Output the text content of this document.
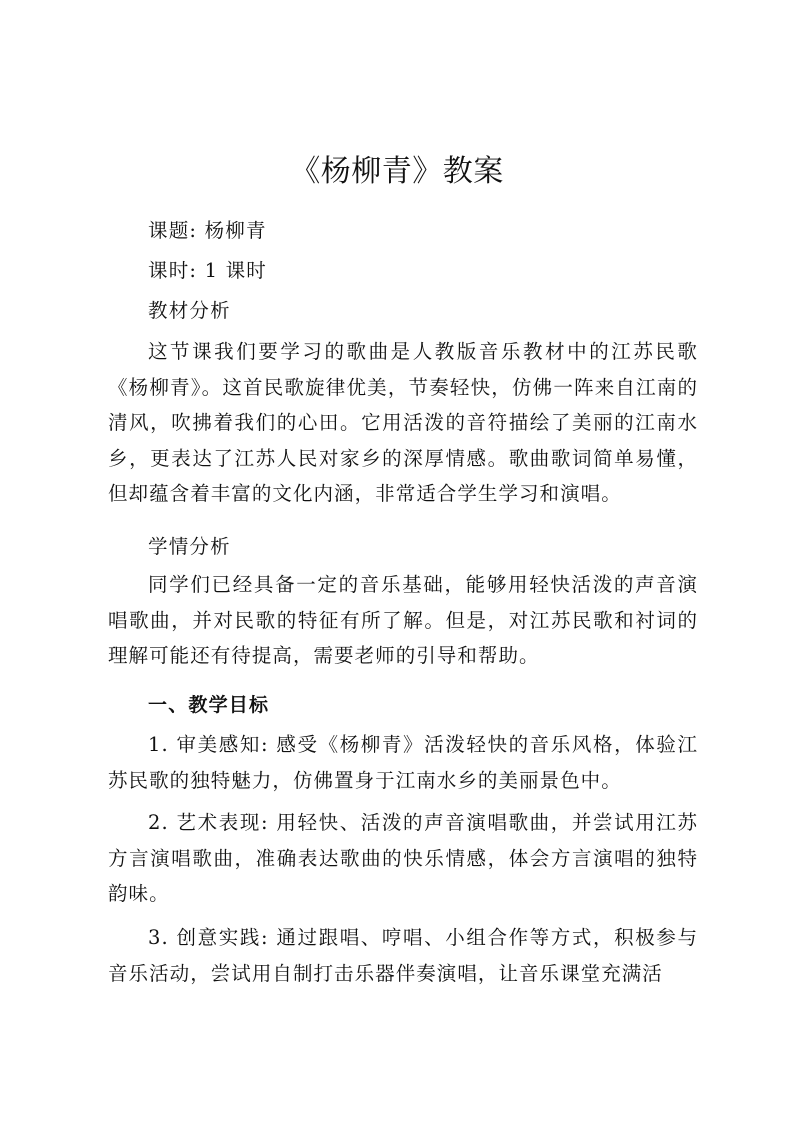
《杨柳青》教案
课题: 杨柳青
课时: 1 课时
教材分析
这节课我们要学习的歌曲是人教版音乐教材中的江苏民歌《杨柳青》。这首民歌旋律优美，节奏轻快，仿佛一阵来自江南的清风，吹拂着我们的心田。它用活泼的音符描绘了美丽的江南水乡，更表达了江苏人民对家乡的深厚情感。歌曲歌词简单易懂，但却蕴含着丰富的文化内涵，非常适合学生学习和演唱。
学情分析
同学们已经具备一定的音乐基础，能够用轻快活泼的声音演唱歌曲，并对民歌的特征有所了解。但是，对江苏民歌和衬词的理解可能还有待提高，需要老师的引导和帮助。
一、教学目标
1. 审美感知: 感受《杨柳青》活泼轻快的音乐风格，体验江苏民歌的独特魅力，仿佛置身于江南水乡的美丽景色中。
2. 艺术表现: 用轻快、活泼的声音演唱歌曲，并尝试用江苏方言演唱歌曲，准确表达歌曲的快乐情感，体会方言演唱的独特韵味。
3. 创意实践: 通过跟唱、哼唱、小组合作等方式，积极参与音乐活动，尝试用自制打击乐器伴奏演唱，让音乐课堂充满活
